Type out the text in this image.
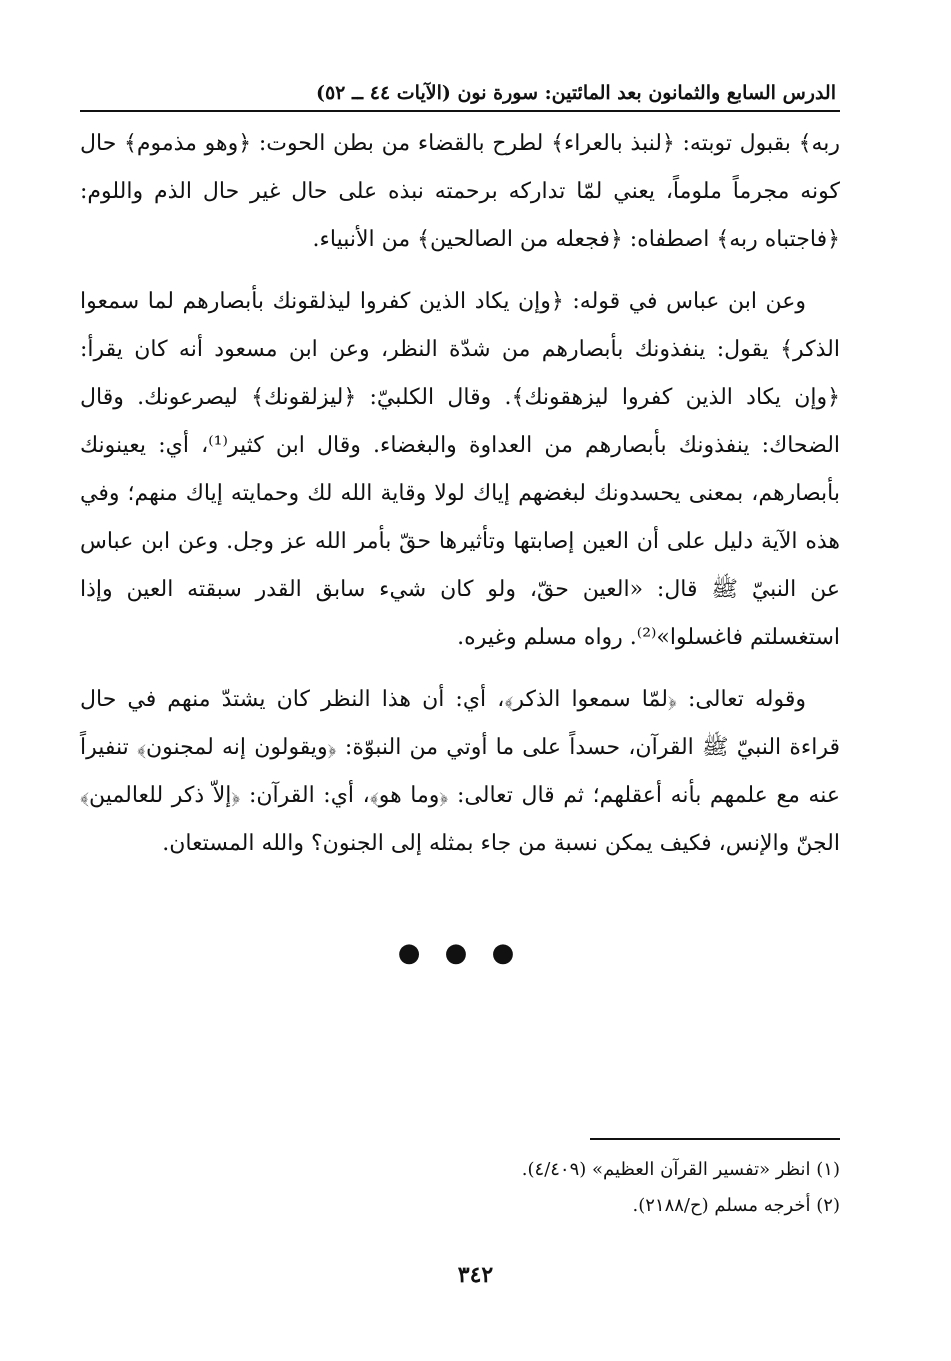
الدرس السابع والثمانون بعد المائتين: سورة نون (الآيات ٤٤ ــ ٥٢)

ربه﴾ بقبول توبته: ﴿لنبذ بالعراء﴾ لطرح بالقضاء من بطن الحوت: ﴿وهو مذموم﴾ حال كونه مجرماً ملوماً، يعني لمّا تداركه برحمته نبذه على حال غير حال الذم واللوم: ﴿فاجتباه ربه﴾ اصطفاه: ﴿فجعله من الصالحين﴾ من الأنبياء.

وعن ابن عباس في قوله: ﴿وإن يكاد الذين كفروا ليذلقونك بأبصارهم لما سمعوا الذكر﴾ يقول: ينفذونك بأبصارهم من شدّة النظر، وعن ابن مسعود أنه كان يقرأ: ﴿وإن يكاد الذين كفروا ليزهقونك﴾. وقال الكلبيّ: ﴿ليزلقونك﴾ ليصرعونك. وقال الضحاك: ينفذونك بأبصارهم من العداوة والبغضاء. وقال ابن كثير⁽¹⁾، أي: يعينونك بأبصارهم، بمعنى يحسدونك لبغضهم إياك لولا وقاية الله لك وحمايته إياك منهم؛ وفي هذه الآية دليل على أن العين إصابتها وتأثيرها حقّ بأمر الله عز وجل. وعن ابن عباس عن النبيّ ﷺ قال: «العين حقّ، ولو كان شيء سابق القدر سبقته العين وإذا استغسلتم فاغسلوا»⁽²⁾. رواه مسلم وغيره.

وقوله تعالى: ﴿لمّا سمعوا الذكر﴾، أي: أن هذا النظر كان يشتدّ منهم في حال قراءة النبيّ ﷺ القرآن، حسداً على ما أوتي من النبوّة: ﴿ويقولون إنه لمجنون﴾ تنفيراً عنه مع علمهم بأنه أعقلهم؛ ثم قال تعالى: ﴿وما هو﴾، أي: القرآن: ﴿إلاّ ذكر للعالمين﴾ الجنّ والإنس، فكيف يمكن نسبة من جاء بمثله إلى الجنون؟ والله المستعان.

● ● ●
(١) انظر «تفسير القرآن العظيم» (٤/٤٠٩).
(٢) أخرجه مسلم (ح/٢١٨٨).
٣٤٢
